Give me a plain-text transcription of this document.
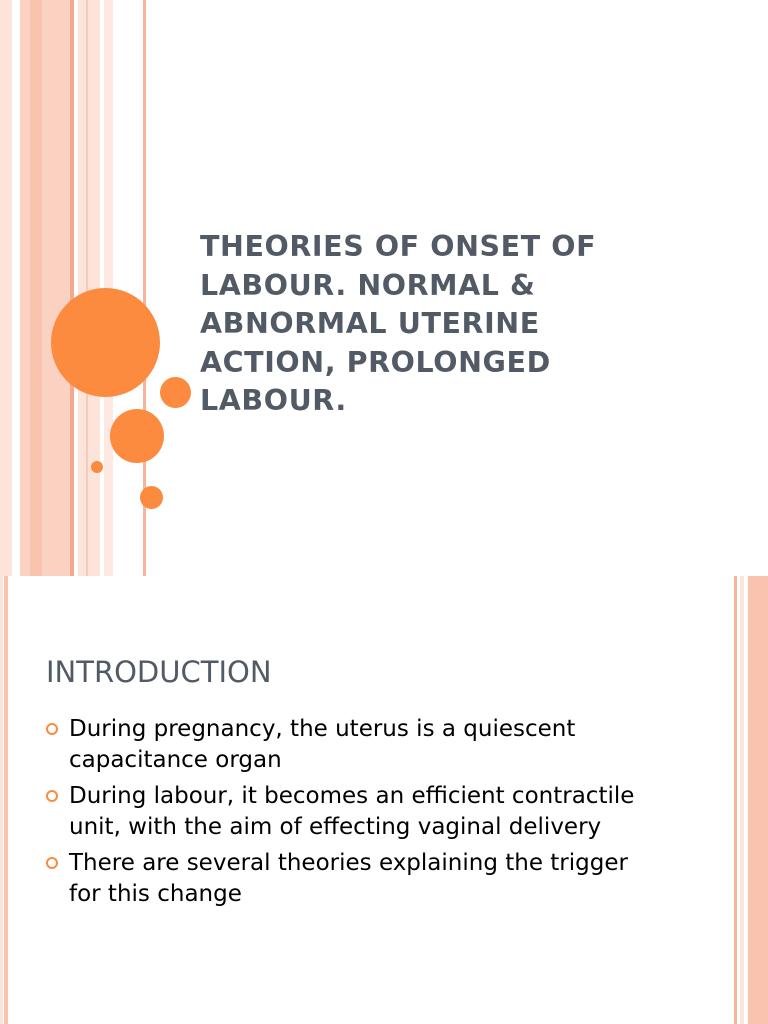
THEORIES OF ONSET OF LABOUR. NORMAL & ABNORMAL UTERINE ACTION, PROLONGED LABOUR.
INTRODUCTION
During pregnancy, the uterus is a quiescent capacitance organ
During labour, it becomes an efficient contractile unit, with the aim of effecting vaginal delivery
There are several theories explaining the trigger for this change
